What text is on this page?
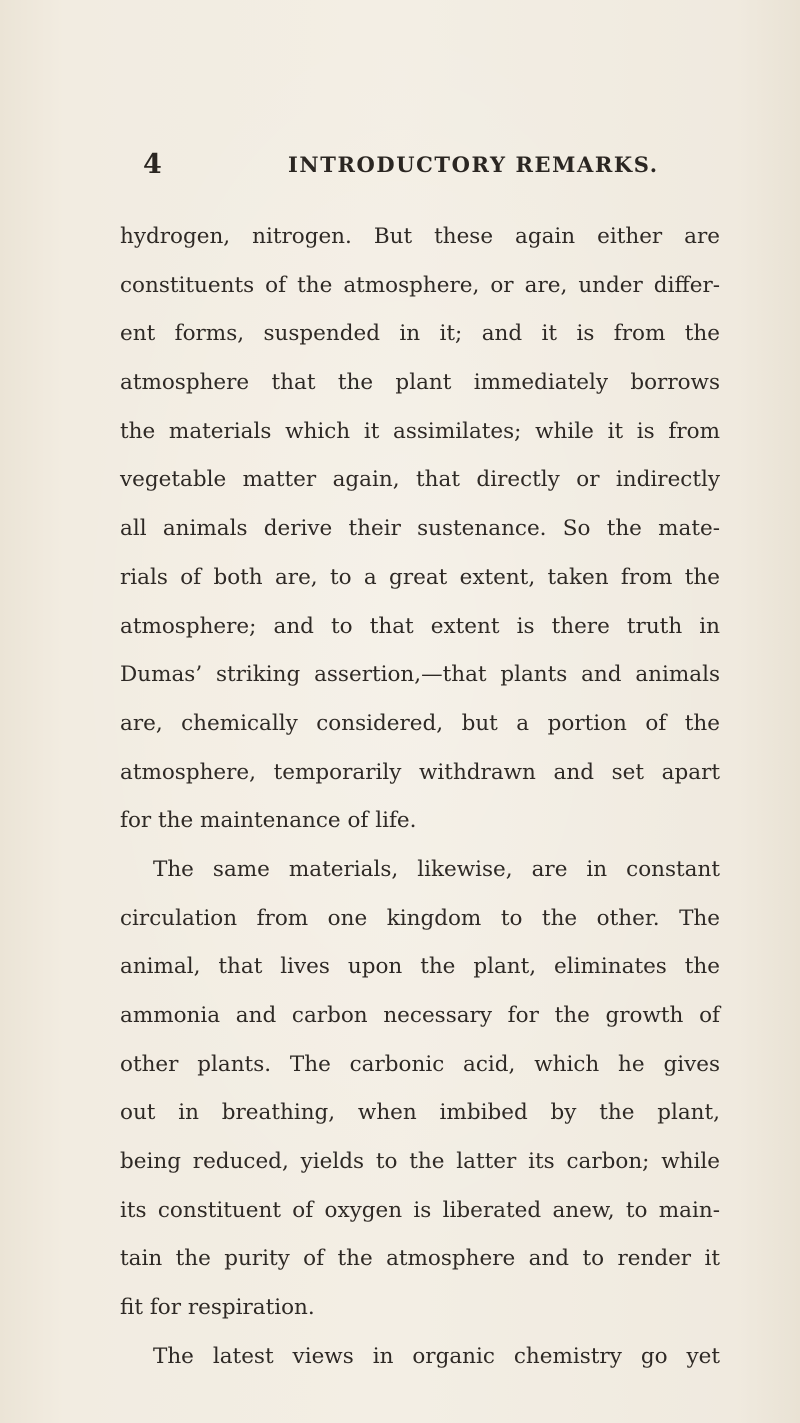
4	INTRODUCTORY REMARKS.
hydrogen, nitrogen. But these again either are
constituents of the atmosphere, or are, under differ-
ent forms, suspended in it; and it is from the
atmosphere that the plant immediately borrows
the materials which it assimilates; while it is from
vegetable matter again, that directly or indirectly
all animals derive their sustenance. So the mate-
rials of both are, to a great extent, taken from the
atmosphere; and to that extent is there truth in
Dumas’ striking assertion,—that plants and animals
are, chemically considered, but a portion of the
atmosphere, temporarily withdrawn and set apart
for the maintenance of life.
The same materials, likewise, are in constant
circulation from one kingdom to the other. The
animal, that lives upon the plant, eliminates the
ammonia and carbon necessary for the growth of
other plants. The carbonic acid, which he gives
out in breathing, when imbibed by the plant,
being reduced, yields to the latter its carbon; while
its constituent of oxygen is liberated anew, to main-
tain the purity of the atmosphere and to render it
fit for respiration.
The latest views in organic chemistry go yet
